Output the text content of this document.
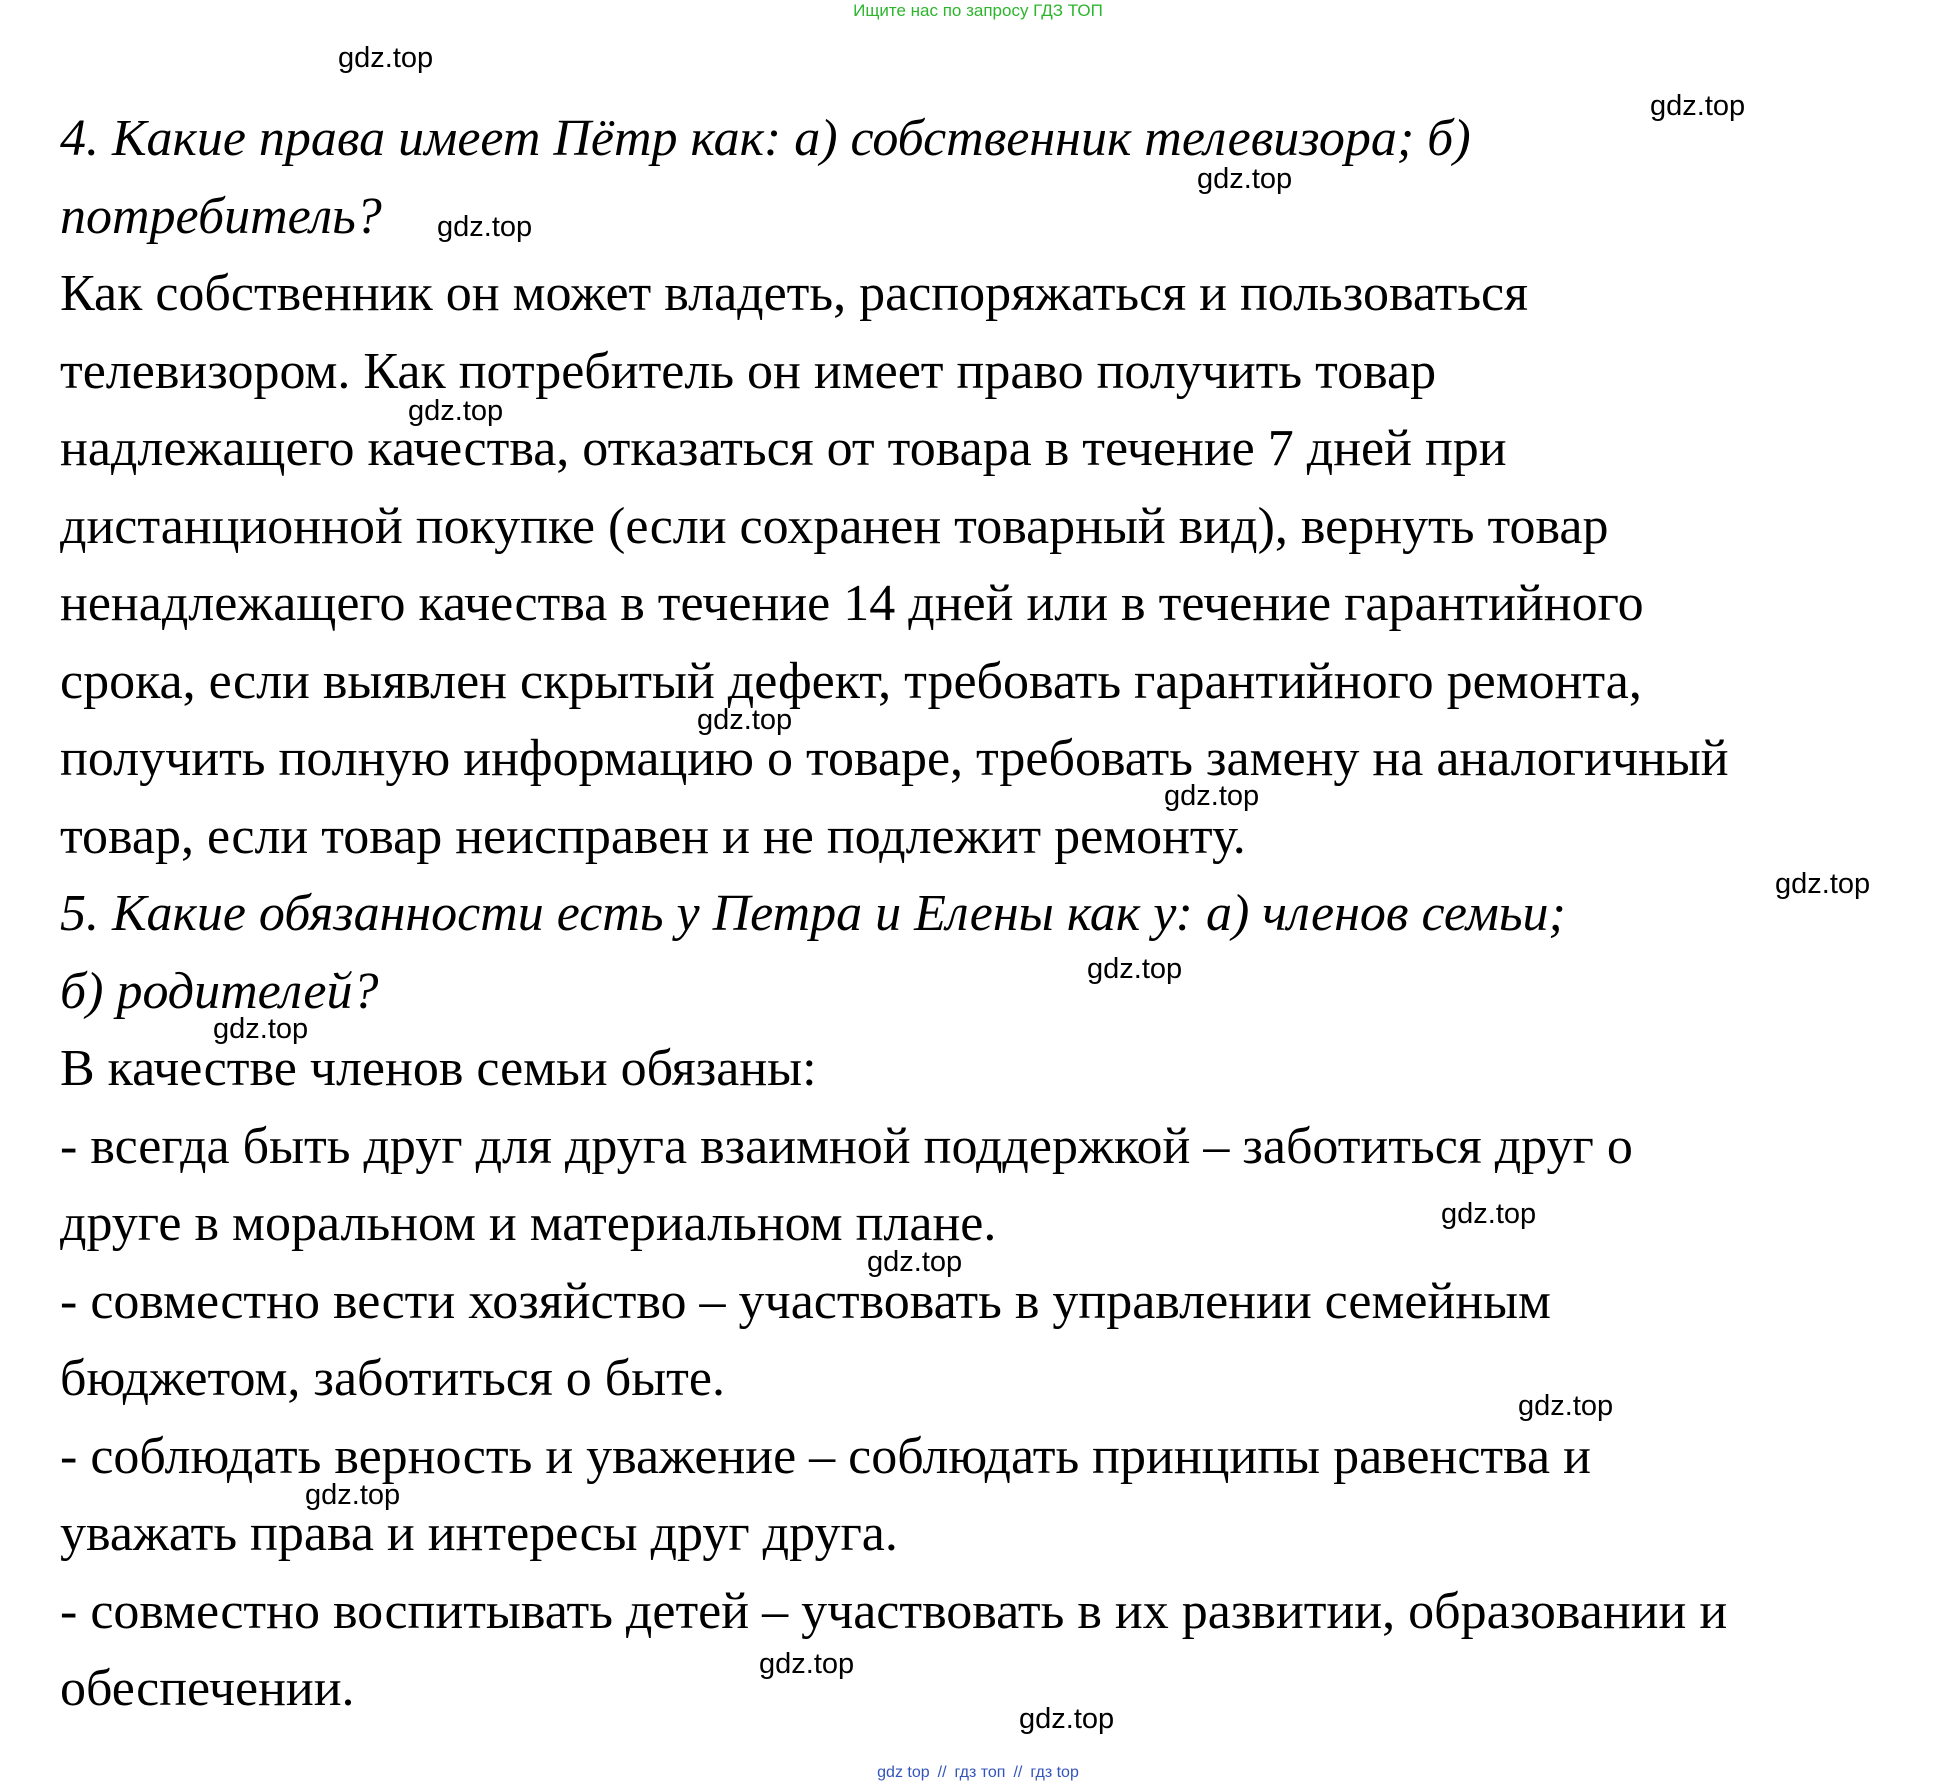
Ищите нас по запросу ГДЗ ТОП
4. Какие права имеет Пётр как: а) собственник телевизора; б)
потребитель?
Как собственник он может владеть, распоряжаться и пользоваться
телевизором. Как потребитель он имеет право получить товар
надлежащего качества, отказаться от товара в течение 7 дней при
дистанционной покупке (если сохранен товарный вид), вернуть товар
ненадлежащего качества в течение 14 дней или в течение гарантийного
срока, если выявлен скрытый дефект, требовать гарантийного ремонта,
получить полную информацию о товаре, требовать замену на аналогичный
товар, если товар неисправен и не подлежит ремонту.
5. Какие обязанности есть у Петра и Елены как у: а) членов семьи;
б) родителей?
В качестве членов семьи обязаны:
- всегда быть друг для друга взаимной поддержкой – заботиться друг о
друге в моральном и материальном плане.
- совместно вести хозяйство – участвовать в управлении семейным
бюджетом, заботиться о быте.
- соблюдать верность и уважение – соблюдать принципы равенства и
уважать права и интересы друг друга.
- совместно воспитывать детей – участвовать в их развитии, образовании и
обеспечении.
gdz.top
gdz.top
gdz.top
gdz.top
gdz.top
gdz.top
gdz.top
gdz.top
gdz.top
gdz.top
gdz.top
gdz.top
gdz.top
gdz.top
gdz.top
gdz.top
gdz top // гдз топ // гдз top
